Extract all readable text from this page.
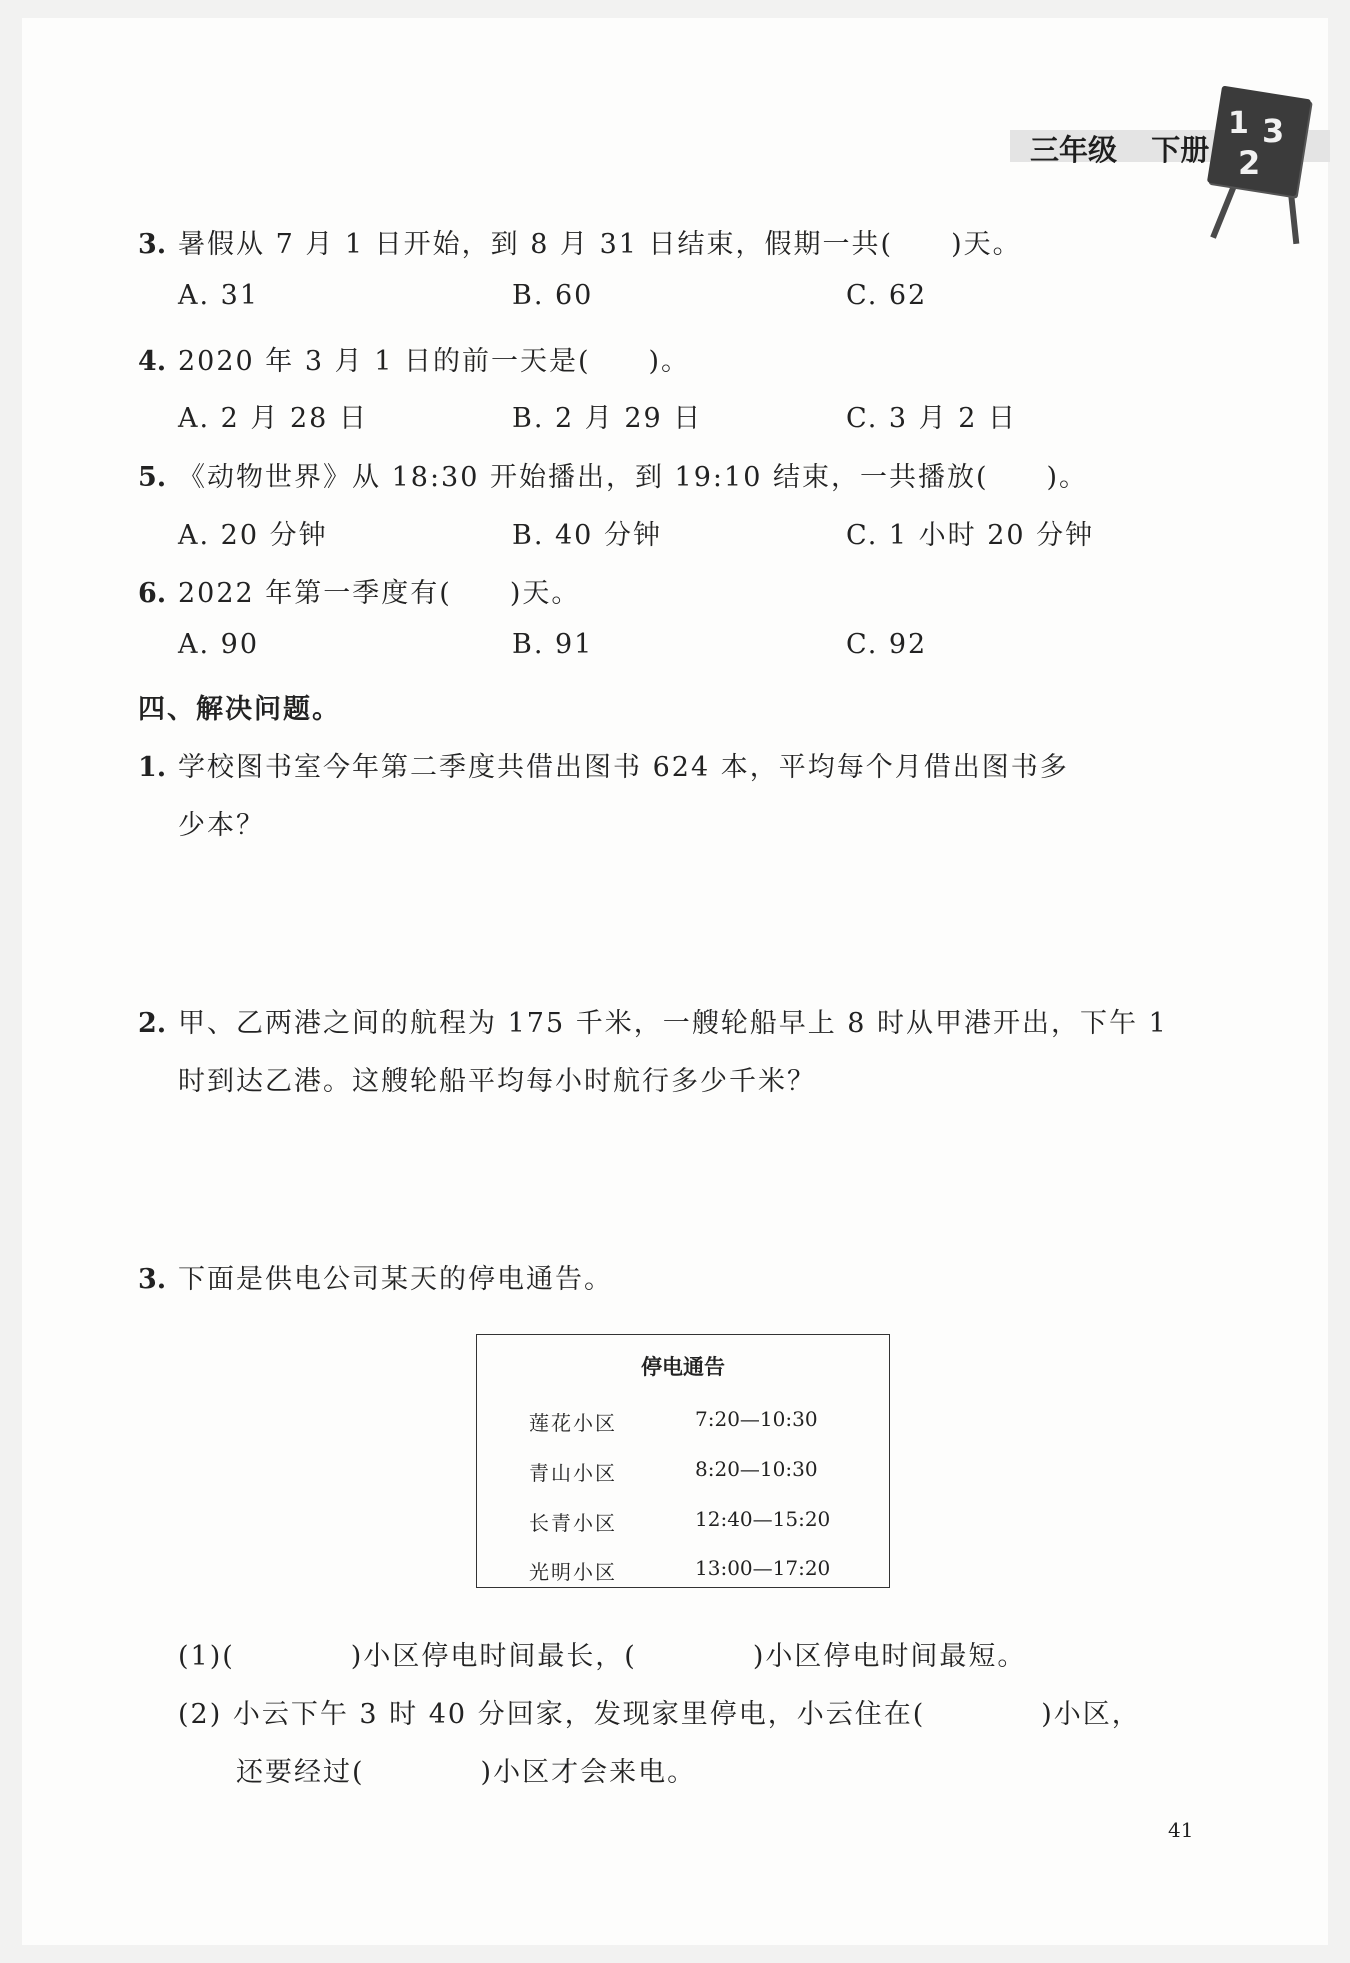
三年级 下册
1 3
2
3. 暑假从 7 月 1 日开始，到 8 月 31 日结束，假期一共(　　)天。
A. 31	B. 60	C. 62
4. 2020 年 3 月 1 日的前一天是(　　)。
A. 2 月 28 日	B. 2 月 29 日	C. 3 月 2 日
5. 《动物世界》从 18:30 开始播出，到 19:10 结束，一共播放(　　)。
A. 20 分钟	B. 40 分钟	C. 1 小时 20 分钟
6. 2022 年第一季度有(　　)天。
A. 90	B. 91	C. 92
四、解决问题。
1. 学校图书室今年第二季度共借出图书 624 本，平均每个月借出图书多
少本？
2. 甲、乙两港之间的航程为 175 千米，一艘轮船早上 8 时从甲港开出，下午 1
时到达乙港。这艘轮船平均每小时航行多少千米？
3. 下面是供电公司某天的停电通告。
停电通告
莲花小区	7:20—10:30
青山小区	8:20—10:30
长青小区	12:40—15:20
光明小区	13:00—17:20
(1)(　　　　)小区停电时间最长，(　　　　)小区停电时间最短。
(2) 小云下午 3 时 40 分回家，发现家里停电，小云住在(　　　　)小区，
还要经过(　　　　)小区才会来电。
41
